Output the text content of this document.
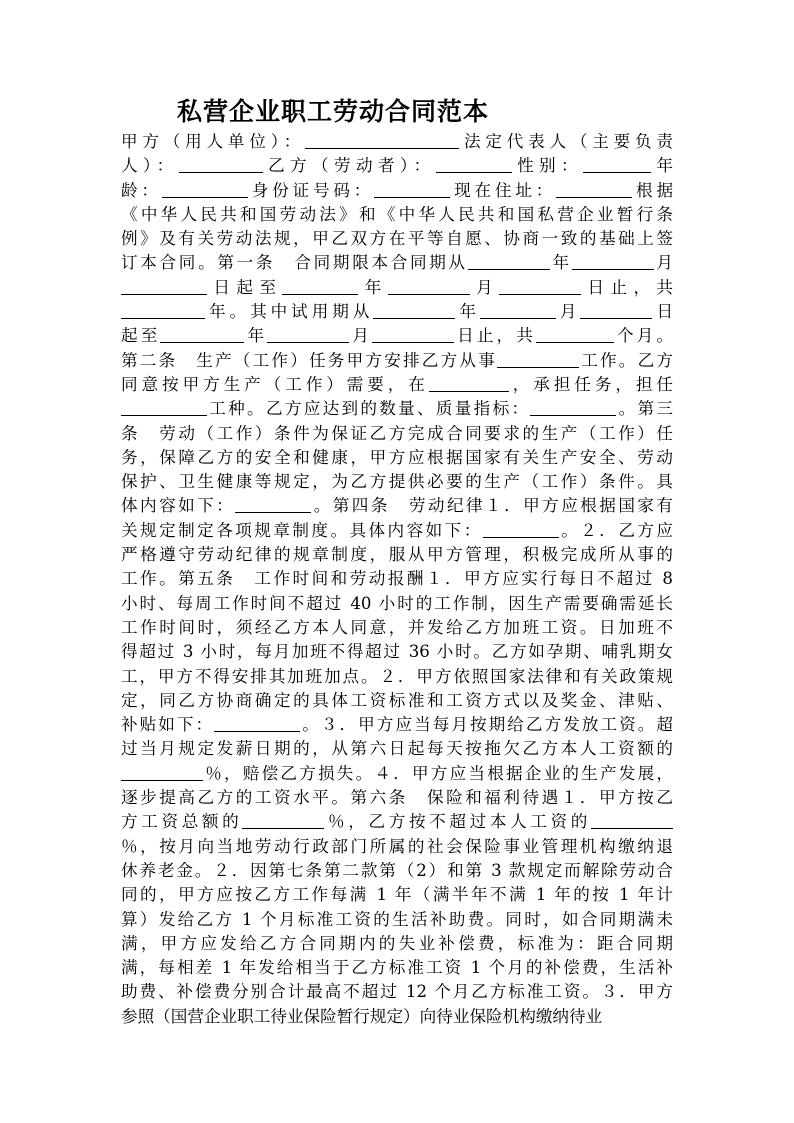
私营企业职工劳动合同范本
甲方（用人单位）：	法定代表人（主要负责
人）：	乙方（劳动者）：	性别：	年
龄：	身份证号码：	现在住址：	根据
《中华人民共和国劳动法》和《中华人民共和国私营企业暂行条
例》及有关劳动法规，甲乙双方在平等自愿、协商一致的基础上签
订本合同。第一条　合同期限本合同期从	年	月
日起至	年	月	日止，共
年。其中试用期从	年	月	日
起至	年	月	日止，共	个月。
第二条　生产（工作）任务甲方安排乙方从事	工作。乙方
同意按甲方生产（工作）需要，在	，承担任务，担任
工种。乙方应达到的数量、质量指标：	。第三
条　劳动（工作）条件为保证乙方完成合同要求的生产（工作）任
务，保障乙方的安全和健康，甲方应根据国家有关生产安全、劳动
保护、卫生健康等规定，为乙方提供必要的生产（工作）条件。具
体内容如下：	。第四条　劳动纪律１．甲方应根据国家有
关规定制定各项规章制度。具体内容如下：	。２．乙方应
严格遵守劳动纪律的规章制度，服从甲方管理，积极完成所从事的
工作。第五条　工作时间和劳动报酬１．甲方应实行每日不超过 8
小时、每周工作时间不超过 40 小时的工作制，因生产需要确需延长
工作时间时，须经乙方本人同意，并发给乙方加班工资。日加班不
得超过 3 小时，每月加班不得超过 36 小时。乙方如孕期、哺乳期女
工，甲方不得安排其加班加点。２．甲方依照国家法律和有关政策规
定，同乙方协商确定的具体工资标准和工资方式以及奖金、津贴、
补贴如下：	。３．甲方应当每月按期给乙方发放工资。超
过当月规定发薪日期的，从第六日起每天按拖欠乙方本人工资额的
％，赔偿乙方损失。４．甲方应当根据企业的生产发展，
逐步提高乙方的工资水平。第六条　保险和福利待遇１．甲方按乙
方工资总额的	％，乙方按不超过本人工资的
％，按月向当地劳动行政部门所属的社会保险事业管理机构缴纳退
休养老金。２．因第七条第二款第（2）和第 3 款规定而解除劳动合
同的，甲方应按乙方工作每满 1 年（满半年不满 1 年的按 1 年计
算）发给乙方 1 个月标准工资的生活补助费。同时，如合同期满未
满，甲方应发给乙方合同期内的失业补偿费，标准为：距合同期
满，每相差 1 年发给相当于乙方标准工资 1 个月的补偿费，生活补
助费、补偿费分别合计最高不超过 12 个月乙方标准工资。３．甲方
参照（国营企业职工待业保险暂行规定）向待业保险机构缴纳待业
